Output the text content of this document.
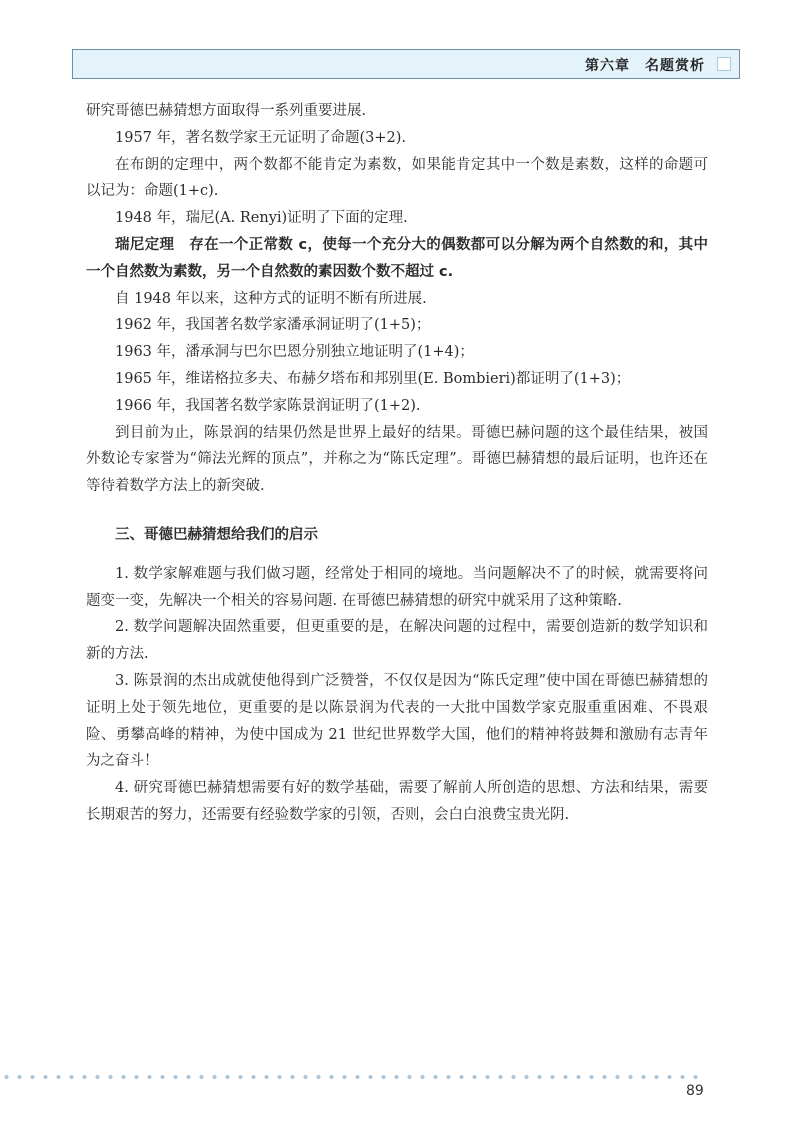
第六章　名题赏析

研究哥德巴赫猜想方面取得一系列重要进展.

1957 年，著名数学家王元证明了命题(3+2).

在布朗的定理中，两个数都不能肯定为素数，如果能肯定其中一个数是素数，这样的命题可以记为：命题(1+c).

1948 年，瑞尼(A. Renyi)证明了下面的定理.

瑞尼定理　存在一个正常数 c，使每一个充分大的偶数都可以分解为两个自然数的和，其中一个自然数为素数，另一个自然数的素因数个数不超过 c.

自 1948 年以来，这种方式的证明不断有所进展.

1962 年，我国著名数学家潘承洞证明了(1+5)；

1963 年，潘承洞与巴尔巴恩分别独立地证明了(1+4)；

1965 年，维诺格拉多夫、布赫夕塔布和邦别里(E. Bombieri)都证明了(1+3)；

1966 年，我国著名数学家陈景润证明了(1+2).

到目前为止，陈景润的结果仍然是世界上最好的结果。哥德巴赫问题的这个最佳结果，被国外数论专家誉为“筛法光辉的顶点”，并称之为“陈氏定理”。哥德巴赫猜想的最后证明，也许还在等待着数学方法上的新突破.

三、哥德巴赫猜想给我们的启示

1. 数学家解难题与我们做习题，经常处于相同的境地。当问题解决不了的时候，就需要将问题变一变，先解决一个相关的容易问题. 在哥德巴赫猜想的研究中就采用了这种策略.

2. 数学问题解决固然重要，但更重要的是，在解决问题的过程中，需要创造新的数学知识和新的方法.

3. 陈景润的杰出成就使他得到广泛赞誉，不仅仅是因为“陈氏定理”使中国在哥德巴赫猜想的证明上处于领先地位，更重要的是以陈景润为代表的一大批中国数学家克服重重困难、不畏艰险、勇攀高峰的精神，为使中国成为 21 世纪世界数学大国，他们的精神将鼓舞和激励有志青年为之奋斗！

4. 研究哥德巴赫猜想需要有好的数学基础，需要了解前人所创造的思想、方法和结果，需要长期艰苦的努力，还需要有经验数学家的引领，否则，会白白浪费宝贵光阴.

89
